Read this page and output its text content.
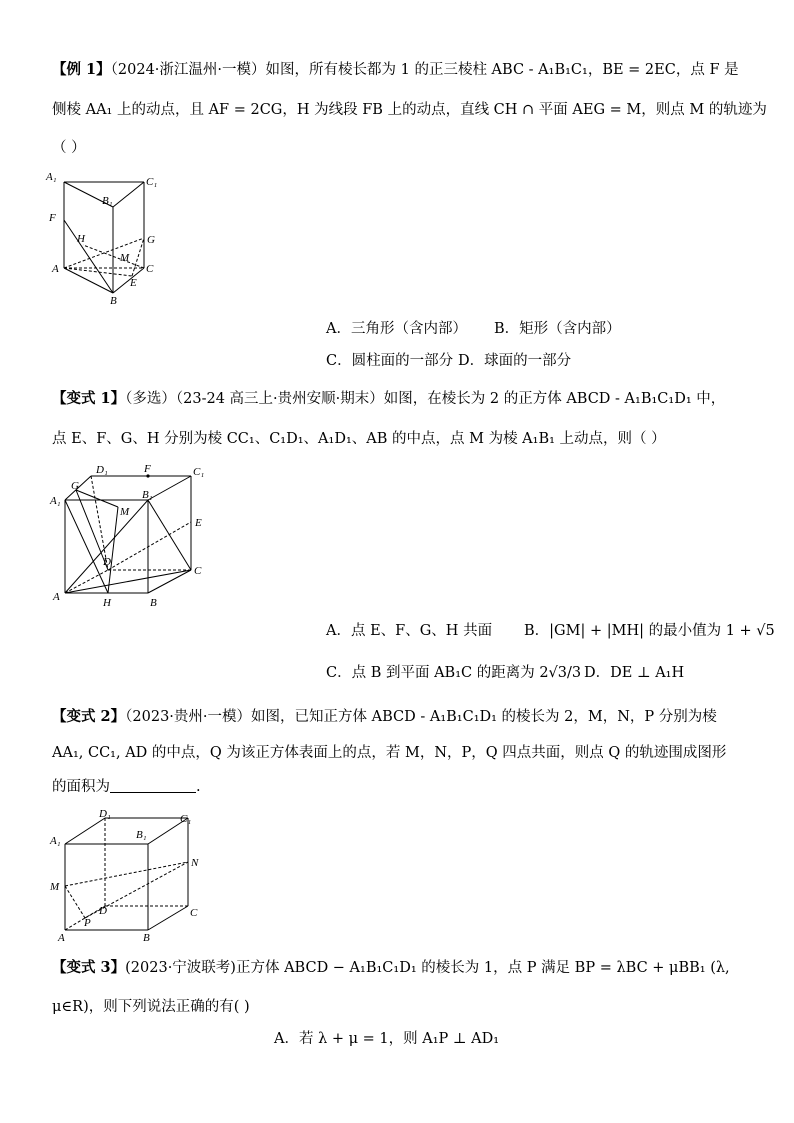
【例 1】（2024·浙江温州·一模）如图，所有棱长都为 1 的正三棱柱 ABC - A₁B₁C₁，BE = 2EC，点 F 是
侧棱 AA₁ 上的动点，且 AF = 2CG，H 为线段 FB 上的动点，直线 CH ∩ 平面 AEG = M，则点 M 的轨迹为
（ ）
A₁	C₁
B₁
F
H	G
M
A	C
E
B
A．三角形（含内部） B．矩形（含内部）
C．圆柱面的一部分 D．球面的一部分
【变式 1】（多选）（23-24 高三上·贵州安顺·期末）如图，在棱长为 2 的正方体 ABCD - A₁B₁C₁D₁ 中，
点 E、F、G、H 分别为棱 CC₁、C₁D₁、A₁D₁、AB 的中点，点 M 为棱 A₁B₁ 上动点，则（ ）
D₁	F	C₁
G
A₁	B₁
M
E
D
C
A	H	B
A．点 E、F、G、H 共面 B．|GM| + |MH| 的最小值为 1 + √5
C．点 B 到平面 AB₁C 的距离为 2√3/3 D．DE ⊥ A₁H
【变式 2】（2023·贵州·一模）如图，已知正方体 ABCD - A₁B₁C₁D₁ 的棱长为 2，M，N，P 分别为棱
AA₁, CC₁, AD 的中点，Q 为该正方体表面上的点，若 M，N，P，Q 四点共面，则点 Q 的轨迹围成图形
的面积为	.
D₁	C₁
A₁	B₁
N
M
P
D	C
A	B
【变式 3】(2023·宁波联考)正方体 ABCD − A₁B₁C₁D₁ 的棱长为 1，点 P 满足 BP = λBC + μBB₁ (λ,
μ∈R)，则下列说法正确的有( )
A．若 λ + μ = 1，则 A₁P ⊥ AD₁
